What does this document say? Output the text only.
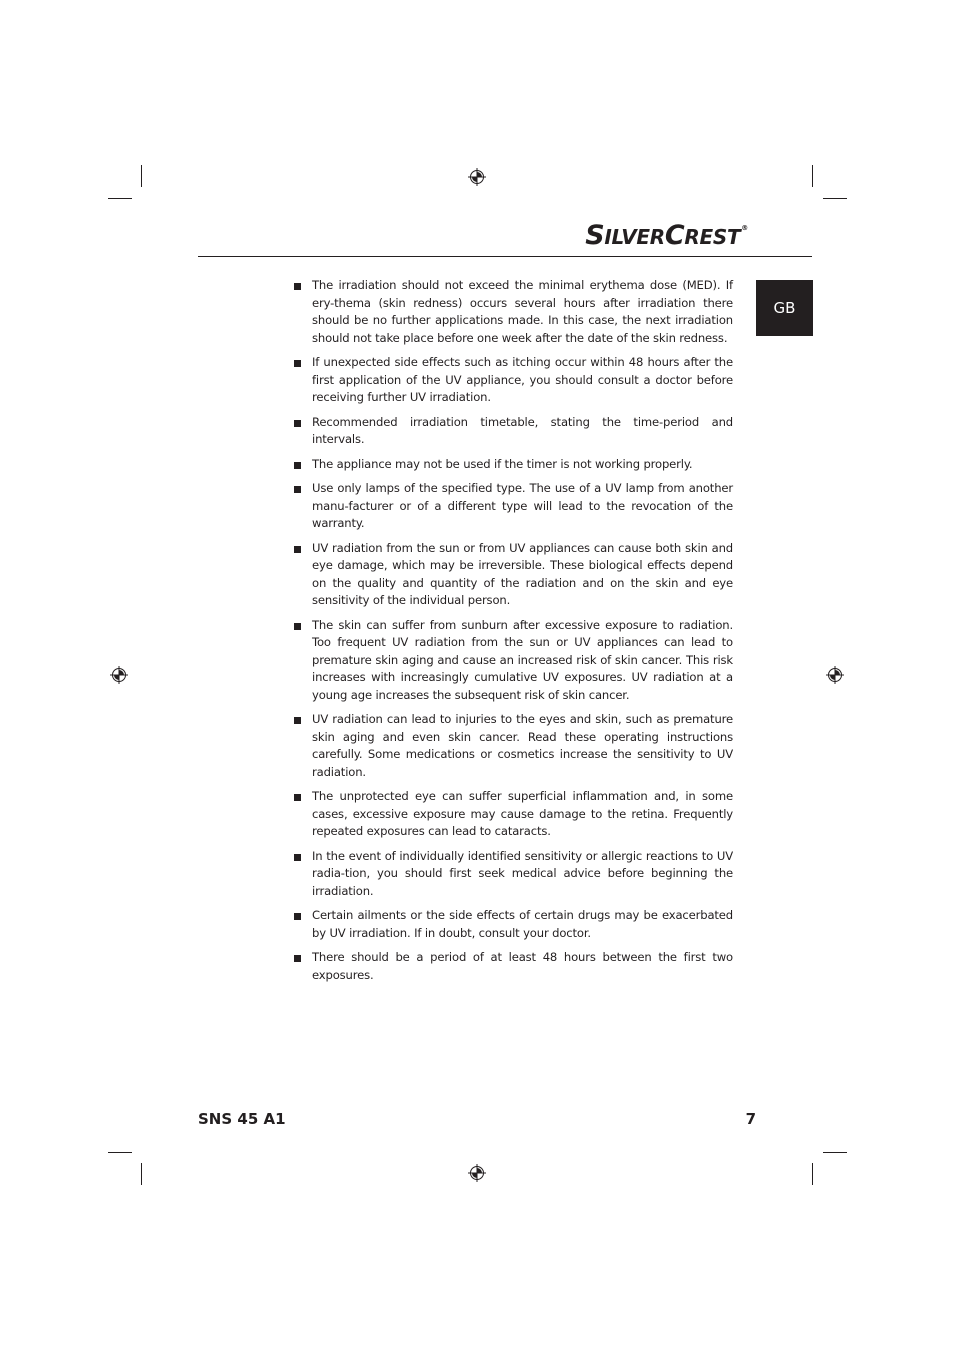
SILVERCREST®
GB
The irradiation should not exceed the minimal erythema dose (MED). If ery-thema (skin redness) occurs several hours after irradiation there should be no further applications made. In this case, the next irradiation should not take place before one week after the date of the skin redness.
If unexpected side effects such as itching occur within 48 hours after the first application of the UV appliance, you should consult a doctor before receiving further UV irradiation.
Recommended irradiation timetable, stating the time-period and intervals.
The appliance may not be used if the timer is not working properly.
Use only lamps of the specified type. The use of a UV lamp from another manu-facturer or of a different type will lead to the revocation of the warranty.
UV radiation from the sun or from UV appliances can cause both skin and eye damage, which may be irreversible. These biological effects depend on the quality and quantity of the radiation and on the skin and eye sensitivity of the individual person.
The skin can suffer from sunburn after excessive exposure to radiation. Too frequent UV radiation from the sun or UV appliances can lead to premature skin aging and cause an increased risk of skin cancer. This risk increases with increasingly cumulative UV exposures. UV radiation at a young age increases the subsequent risk of skin cancer.
UV radiation can lead to injuries to the eyes and skin, such as premature skin aging and even skin cancer. Read these operating instructions carefully. Some medications or cosmetics increase the sensitivity to UV radiation.
The unprotected eye can suffer superficial inflammation and, in some cases, excessive exposure may cause damage to the retina. Frequently repeated exposures can lead to cataracts.
In the event of individually identified sensitivity or allergic reactions to UV radia-tion, you should first seek medical advice before beginning the irradiation.
Certain ailments or the side effects of certain drugs may be exacerbated by UV irradiation. If in doubt, consult your doctor.
There should be a period of at least 48 hours between the first two exposures.
SNS 45 A1	7
